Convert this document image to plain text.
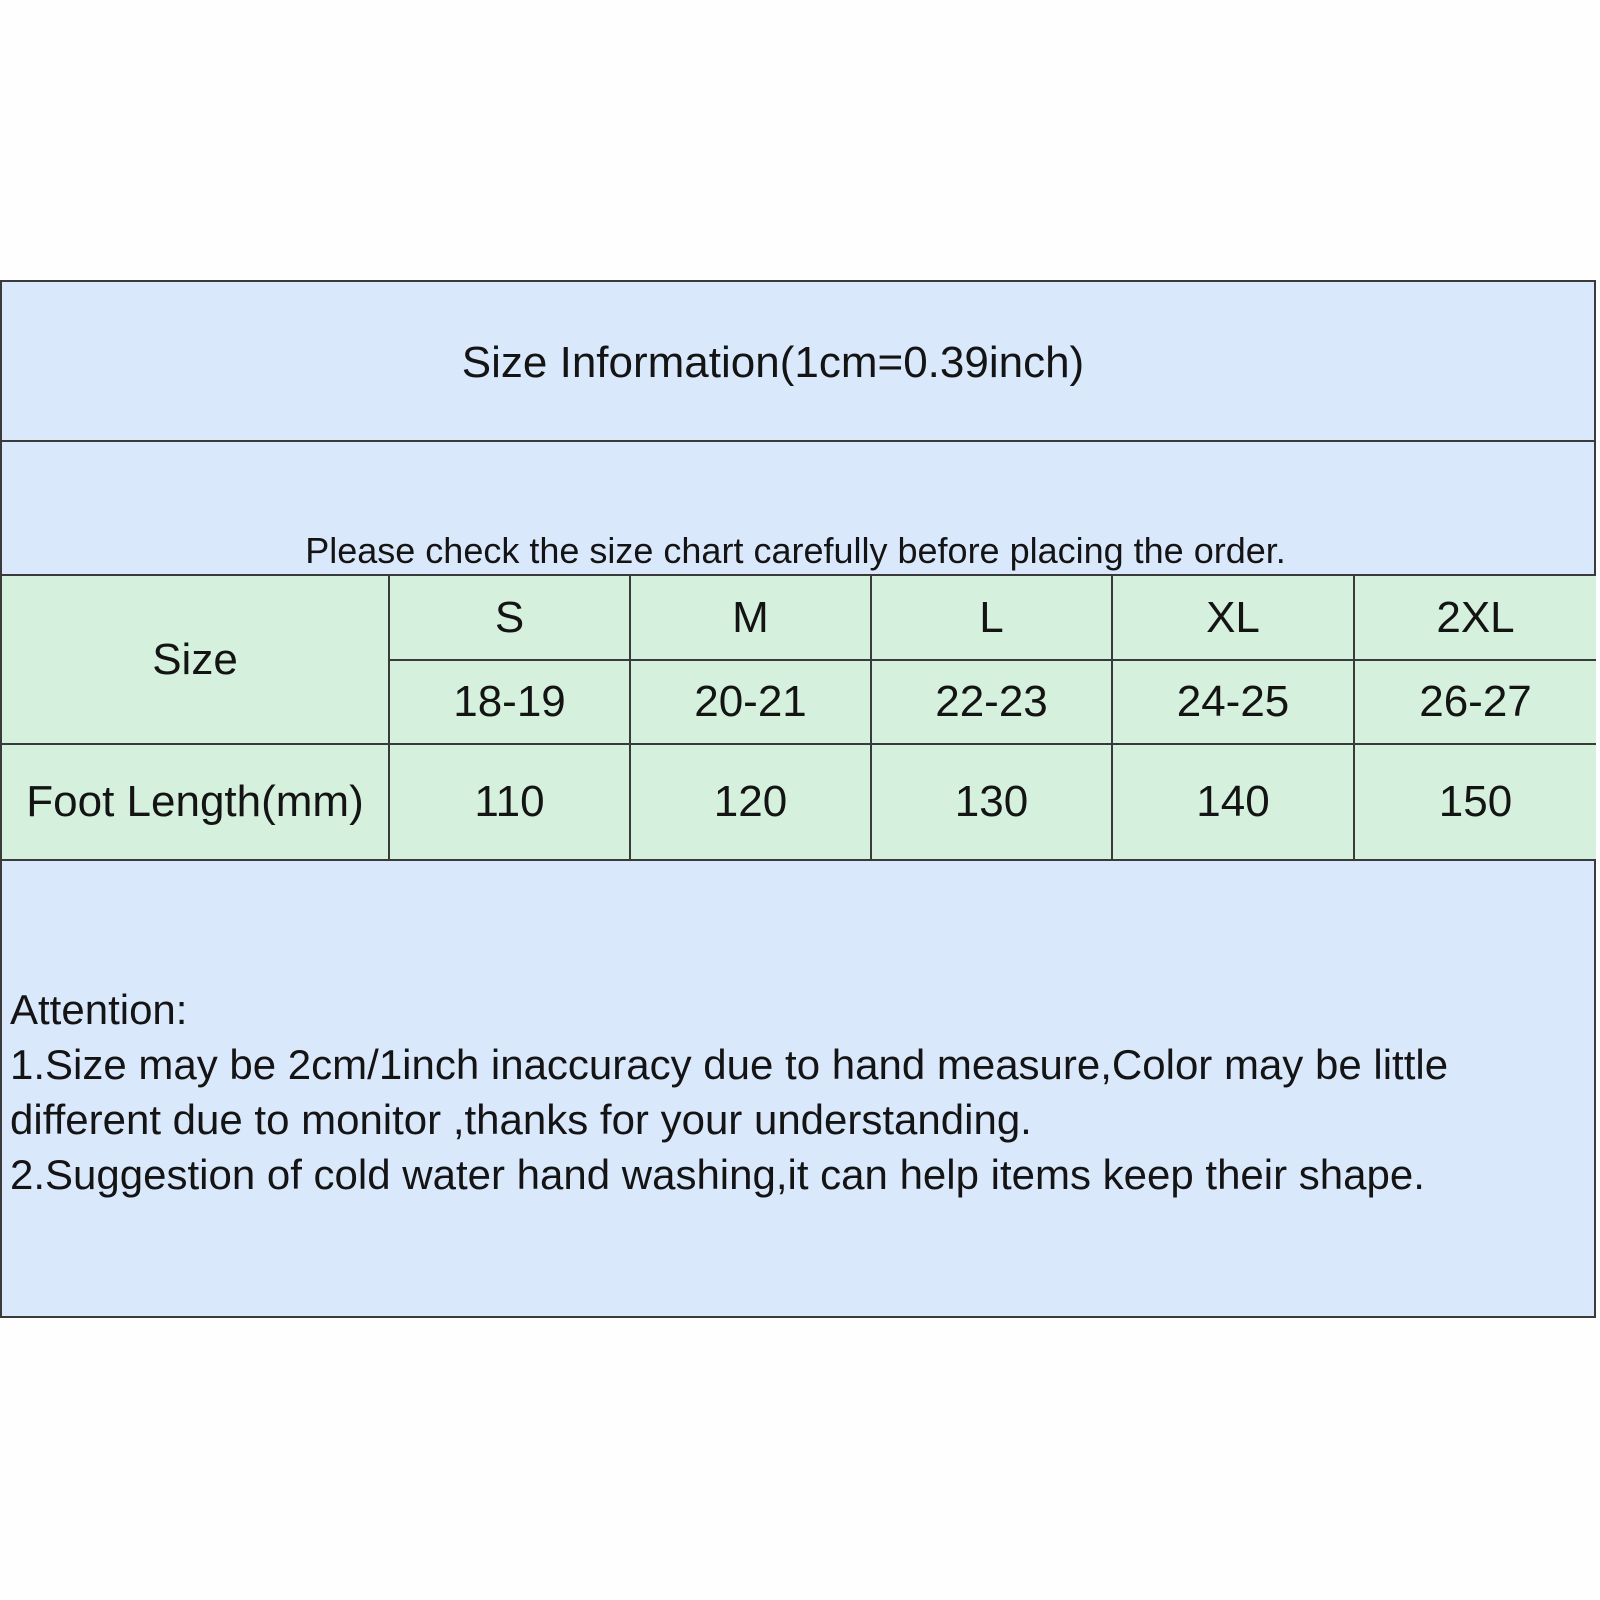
Size Information(1cm=0.39inch)
Please check the size chart carefully before placing the order.
Size	S	M	L	XL	2XL
	18-19	20-21	22-23	24-25	26-27
Foot Length(mm)	110	120	130	140	150

Attention:

1.Size may be 2cm/1inch inaccuracy due to hand measure,Color may be little different due to monitor ,thanks for your understanding.

2.Suggestion of cold water hand washing,it can help items keep their shape.
